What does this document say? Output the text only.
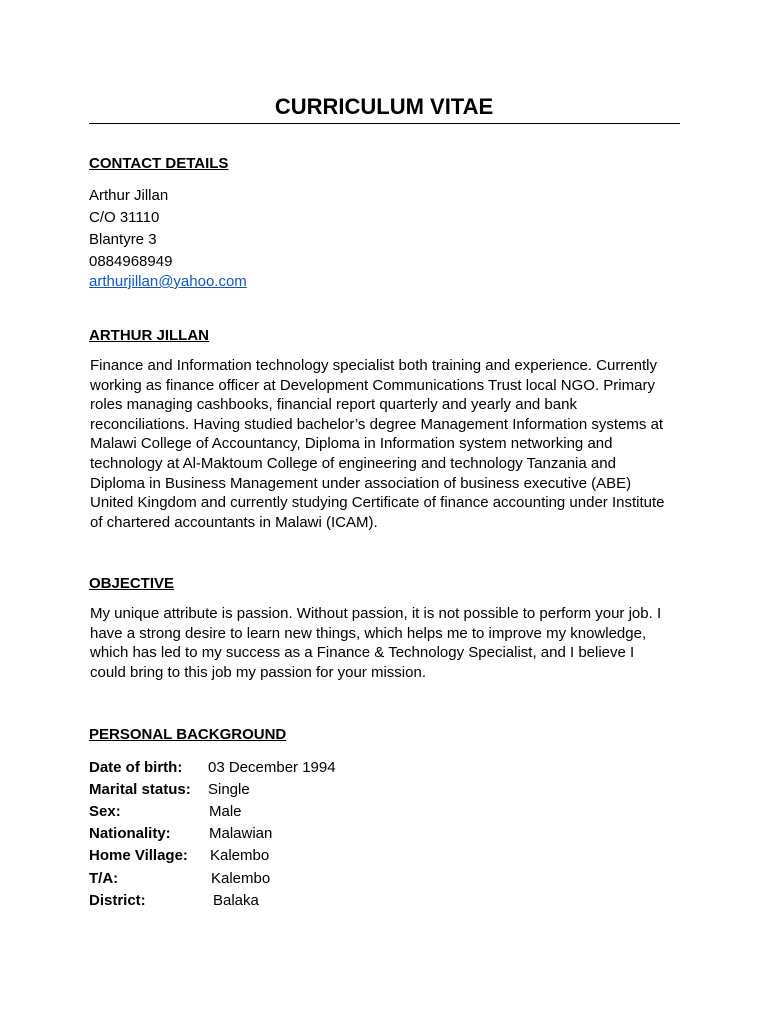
CURRICULUM VITAE
CONTACT DETAILS
Arthur Jillan
C/O 31110
Blantyre 3
0884968949
arthurjillan@yahoo.com
ARTHUR JILLAN
Finance and Information technology specialist both training and experience. Currently
working as finance officer at Development Communications Trust local NGO. Primary
roles managing cashbooks, financial report quarterly and yearly and bank
reconciliations. Having studied bachelor’s degree Management Information systems at
Malawi College of Accountancy, Diploma in Information system networking and
technology at Al-Maktoum College of engineering and technology Tanzania and
Diploma in Business Management under association of business executive (ABE)
United Kingdom and currently studying Certificate of finance accounting under Institute
of chartered accountants in Malawi (ICAM).
OBJECTIVE
My unique attribute is passion. Without passion, it is not possible to perform your job. I
have a strong desire to learn new things, which helps me to improve my knowledge,
which has led to my success as a Finance & Technology Specialist, and I believe I
could bring to this job my passion for your mission.
PERSONAL BACKGROUND
Date of birth: 03 December 1994
Marital status: Single
Sex:	Male
Nationality:	Malawian
Home Village: Kalembo
T/A:	Kalembo
District:	Balaka
